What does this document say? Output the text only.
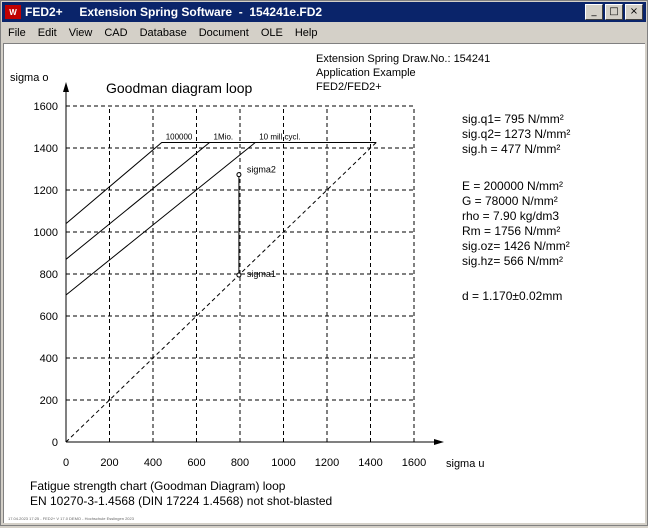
W FED2+     Extension Spring Software  -  154241e.FD2	_	□	×
File	Edit	View	CAD	Database	Document	OLE	Help
Extension Spring Draw.No.: 154241
Application Example
FED2/FED2+
Goodman diagram loop
sigma o
sigma u
0	200 400 600 800 1000 1200 1400 1600
0
200
400
600
800
1000
1200
1400
1600
100000	1Mio.	10 mill.cycl.
sigma1
sigma2
sig.q1= 795 N/mm²
sig.q2= 1273 N/mm²
sig.h = 477 N/mm²
E = 200000 N/mm²
G = 78000 N/mm²
rho = 7.90 kg/dm3
Rm = 1756 N/mm²
sig.oz= 1426 N/mm²
sig.hz= 566 N/mm²
d = 1.170±0.02mm
Fatigue strength chart (Goodman Diagram) loop
EN 10270-3-1.4568 (DIN 17224 1.4568) not shot-blasted
17.04.2023 17:25 - FED2+ V 17.0 DEMO - Hochschule Esslingen 2023
